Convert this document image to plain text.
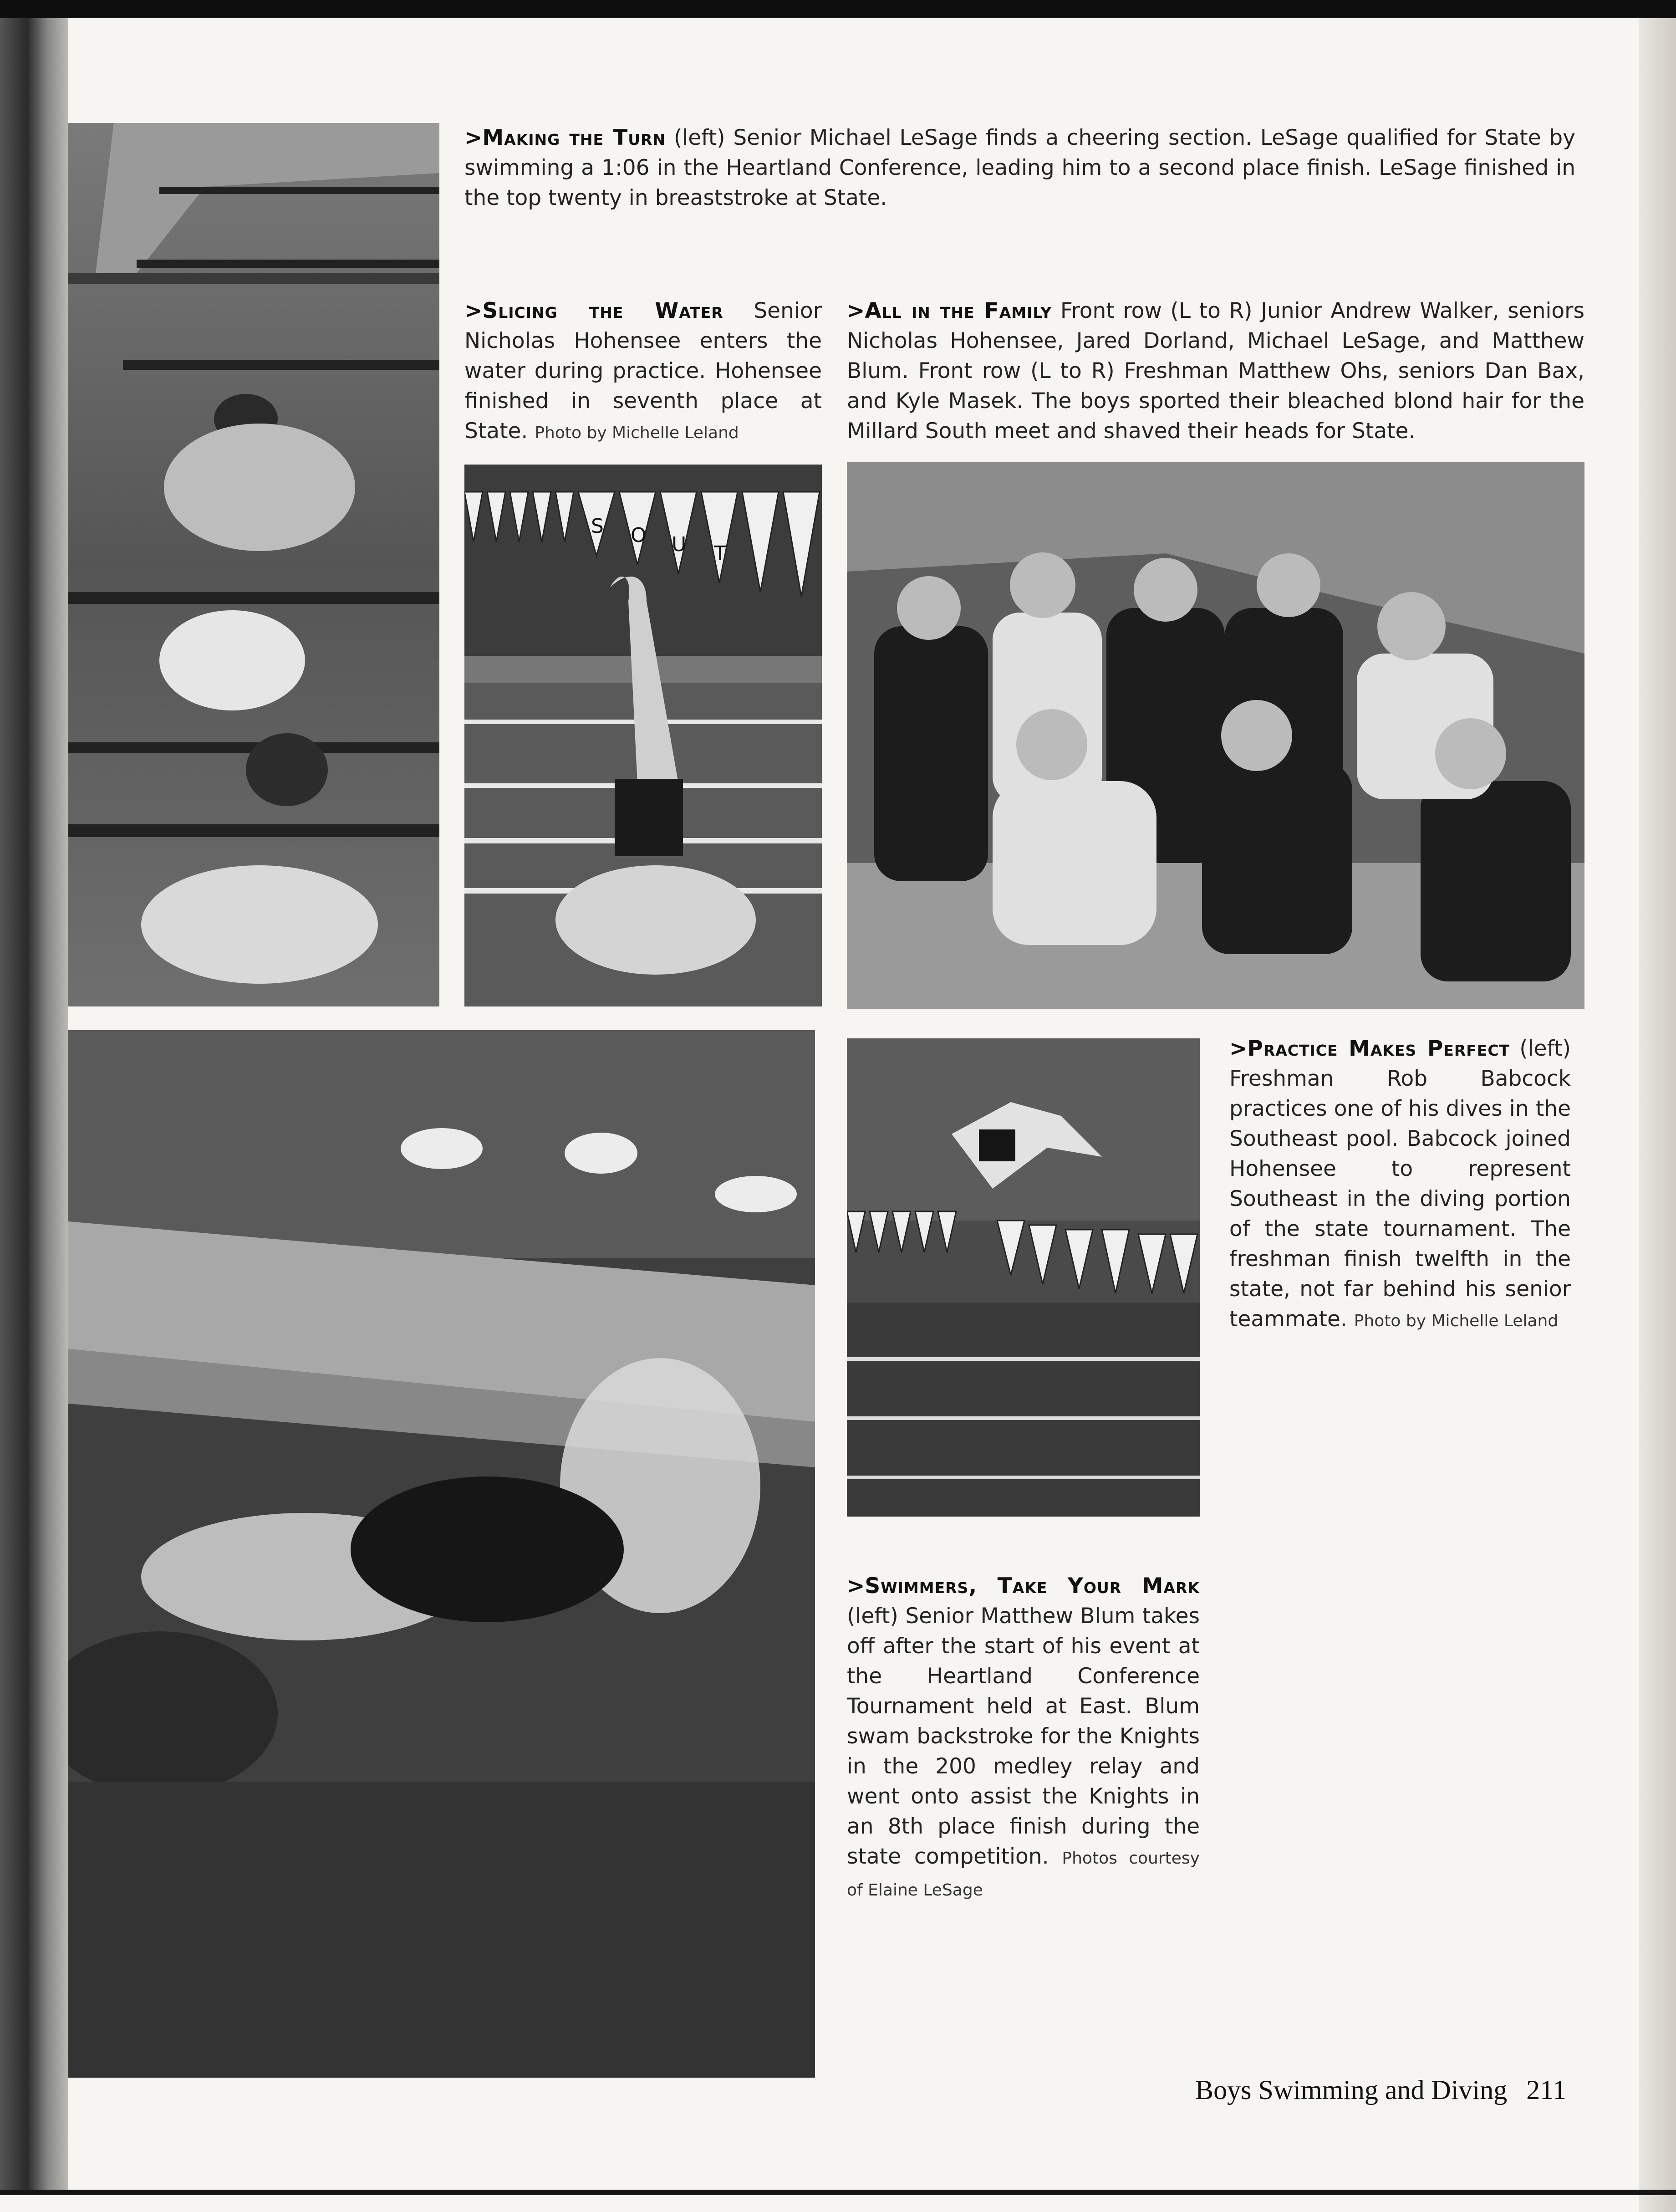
S O U T
>Making the Turn (left) Senior Michael LeSage finds a cheering section. LeSage qualified for State by swimming a 1:06 in the Heartland Conference, leading him to a second place finish. LeSage finished in the top twenty in breaststroke at State.
>Slicing the Water Senior Nicholas Hohensee enters the water during practice. Hohensee finished in seventh place at State. Photo by Michelle Leland
>All in the Family Front row (L to R) Junior Andrew Walker, seniors Nicholas Hohensee, Jared Dorland, Michael LeSage, and Matthew Blum. Front row (L to R) Freshman Matthew Ohs, seniors Dan Bax, and Kyle Masek. The boys sported their bleached blond hair for the Millard South meet and shaved their heads for State.
>Practice Makes Perfect (left) Freshman Rob Babcock practices one of his dives in the Southeast pool. Babcock joined Hohensee to represent Southeast in the diving portion of the state tournament. The freshman finish twelfth in the state, not far behind his senior teammate. Photo by Michelle Leland
>Swimmers, Take Your Mark (left) Senior Matthew Blum takes off after the start of his event at the Heartland Conference Tournament held at East. Blum swam backstroke for the Knights in the 200 medley relay and went onto assist the Knights in an 8th place finish during the state competition. Photos courtesy of Elaine LeSage
Boys Swimming and Diving 211
